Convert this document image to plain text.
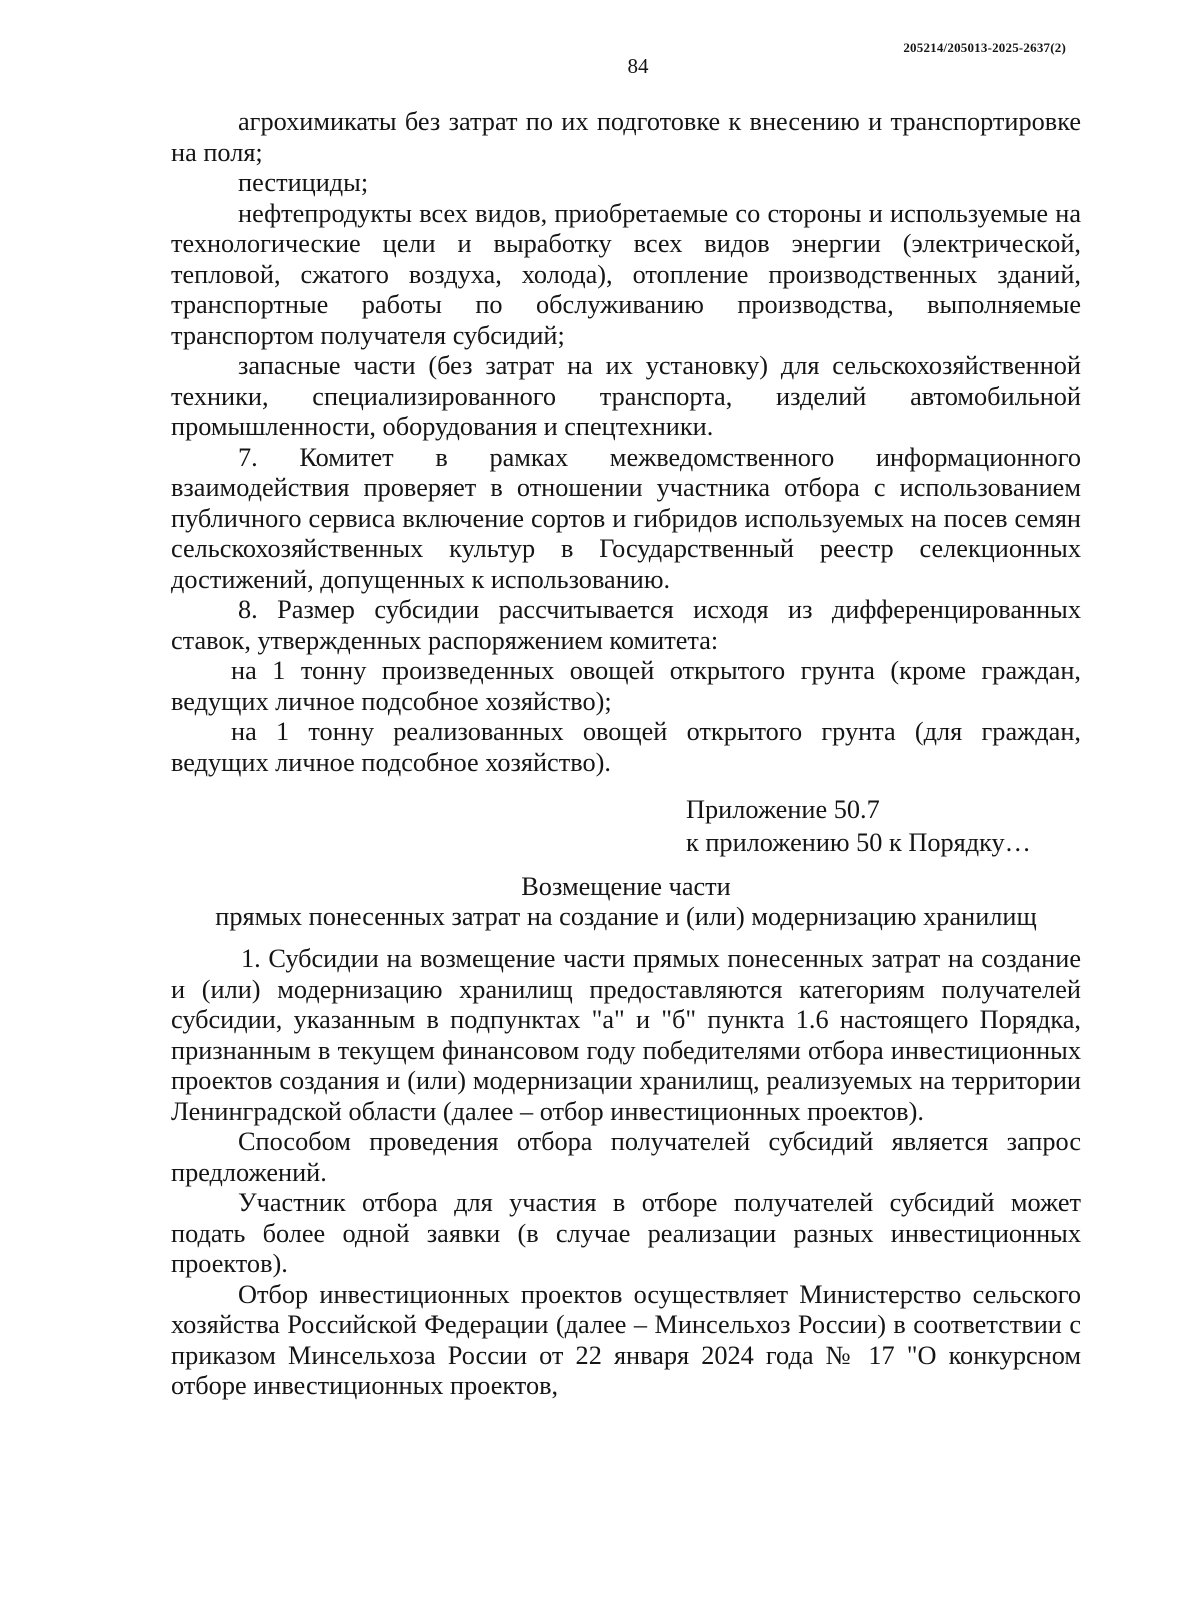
205214/205013-2025-2637(2)
84

агрохимикаты без затрат по их подготовке к внесению и транспортировке на поля;

пестициды;

нефтепродукты всех видов, приобретаемые со стороны и используемые на технологические цели и выработку всех видов энергии (электрической, тепловой, сжатого воздуха, холода), отопление производственных зданий, транспортные работы по обслуживанию производства, выполняемые транспортом получателя субсидий;

запасные части (без затрат на их установку) для сельскохозяйственной техники, специализированного транспорта, изделий автомобильной промышленности, оборудования и спецтехники.

7. Комитет в рамках межведомственного информационного взаимодействия проверяет в отношении участника отбора с использованием публичного сервиса включение сортов и гибридов используемых на посев семян сельскохозяйственных культур в Государственный реестр селекционных достижений, допущенных к использованию.

8. Размер субсидии рассчитывается исходя из дифференцированных ставок, утвержденных распоряжением комитета:

на 1 тонну произведенных овощей открытого грунта (кроме граждан, ведущих личное подсобное хозяйство);

на 1 тонну реализованных овощей открытого грунта (для граждан, ведущих личное подсобное хозяйство).

Приложение 50.7
к приложению 50 к Порядку…
Возмещение части
прямых понесенных затрат на создание и (или) модернизацию хранилищ

1. Субсидии на возмещение части прямых понесенных затрат на создание и (или) модернизацию хранилищ предоставляются категориям получателей субсидии, указанным в подпунктах "а" и "б" пункта 1.6 настоящего Порядка, признанным в текущем финансовом году победителями отбора инвестиционных проектов создания и (или) модернизации хранилищ, реализуемых на территории Ленинградской области (далее – отбор инвестиционных проектов).

Способом проведения отбора получателей субсидий является запрос предложений.

Участник отбора для участия в отборе получателей субсидий может подать более одной заявки (в случае реализации разных инвестиционных проектов).

Отбор инвестиционных проектов осуществляет Министерство сельского хозяйства Российской Федерации (далее – Минсельхоз России) в соответствии с приказом Минсельхоза России от 22 января 2024 года № 17 "О конкурсном отборе инвестиционных проектов,
